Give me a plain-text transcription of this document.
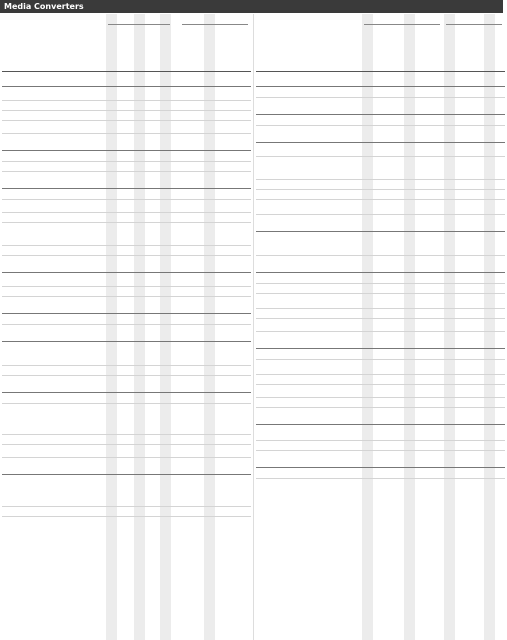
Media Converters
